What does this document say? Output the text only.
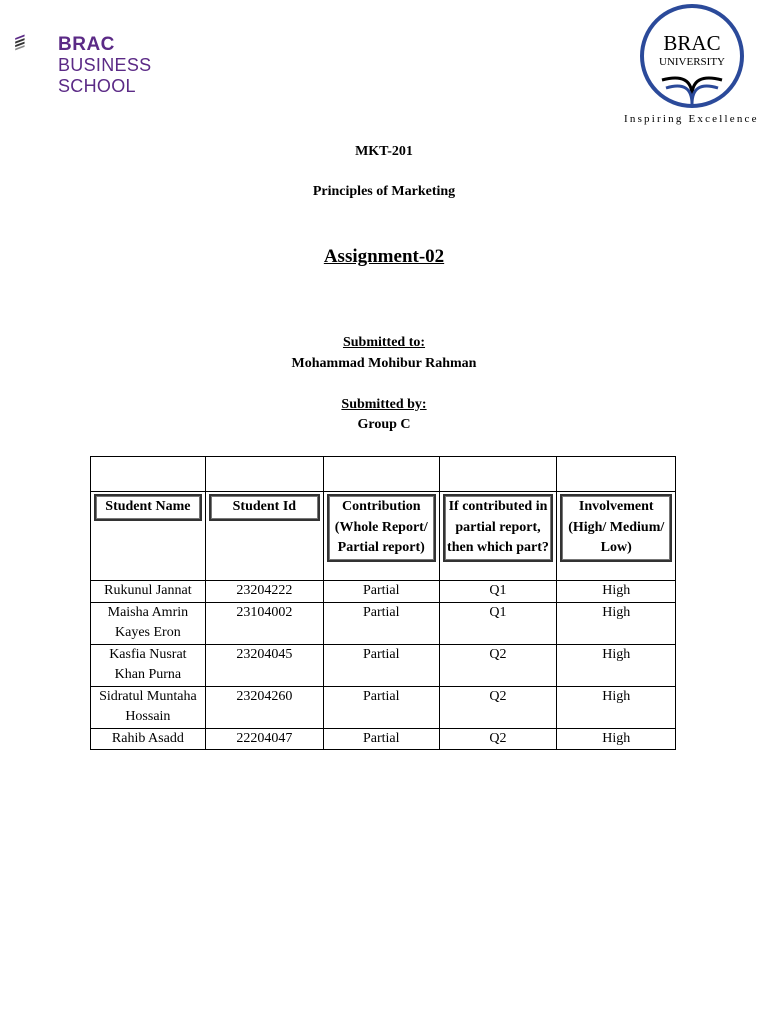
BRAC
BUSINESS
SCHOOL
BRAC
UNIVERSITY
Inspiring Excellence
MKT-201
Principles of Marketing
Assignment-02
Submitted to:
Mohammad Mohibur Rahman
Submitted by:
Group C

Student Name	Student Id	Contribution (Whole Report/ Partial report)	If contributed in partial report, then which part?	Involvement (High/ Medium/ Low)

Rukunul Jannat	23204222	Partial	Q1	High
Maisha Amrin Kayes Eron	23104002	Partial	Q1	High
Kasfia Nusrat Khan Purna	23204045	Partial	Q2	High
Sidratul Muntaha Hossain	23204260	Partial	Q2	High
Rahib Asadd	22204047	Partial	Q2	High
